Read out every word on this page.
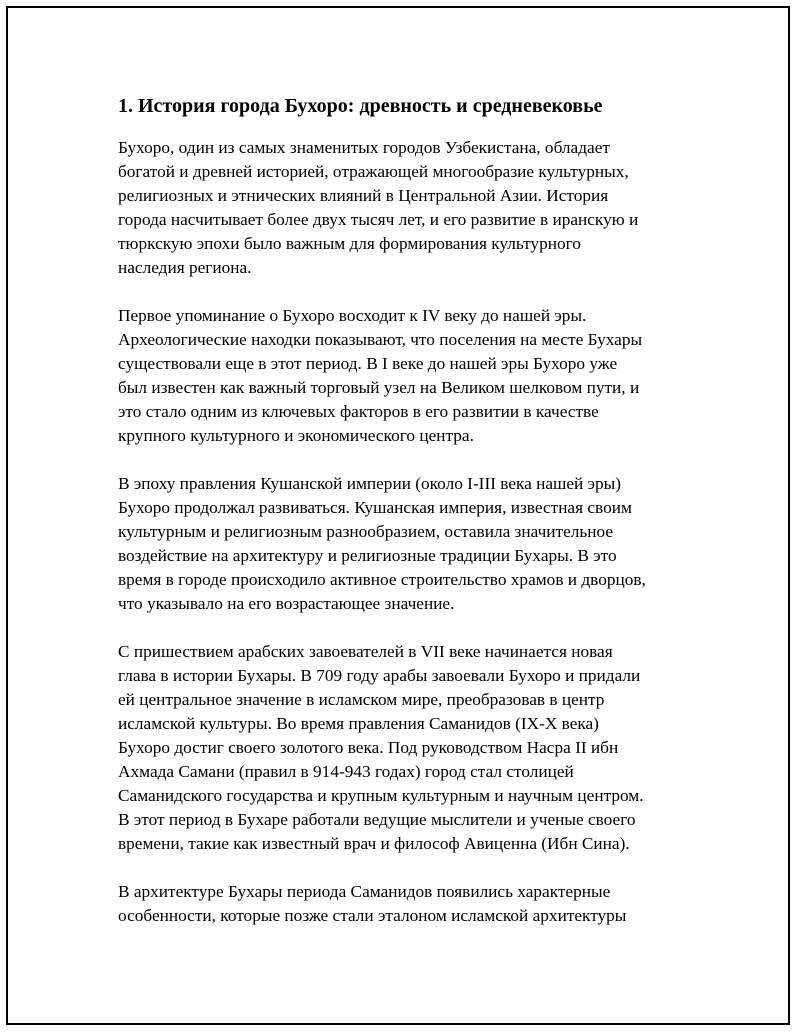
1. История города Бухоро: древность и средневековье

Бухоро, один из самых знаменитых городов Узбекистана, обладает
богатой и древней историей, отражающей многообразие культурных,
религиозных и этнических влияний в Центральной Азии. История
города насчитывает более двух тысяч лет, и его развитие в иранскую и
тюркскую эпохи было важным для формирования культурного
наследия региона.

Первое упоминание о Бухоро восходит к IV веку до нашей эры.
Археологические находки показывают, что поселения на месте Бухары
существовали еще в этот период. В I веке до нашей эры Бухоро уже
был известен как важный торговый узел на Великом шелковом пути, и
это стало одним из ключевых факторов в его развитии в качестве
крупного культурного и экономического центра.

В эпоху правления Кушанской империи (около I-III века нашей эры)
Бухоро продолжал развиваться. Кушанская империя, известная своим
культурным и религиозным разнообразием, оставила значительное
воздействие на архитектуру и религиозные традиции Бухары. В это
время в городе происходило активное строительство храмов и дворцов,
что указывало на его возрастающее значение.

С пришествием арабских завоевателей в VII веке начинается новая
глава в истории Бухары. В 709 году арабы завоевали Бухоро и придали
ей центральное значение в исламском мире, преобразовав в центр
исламской культуры. Во время правления Саманидов (IX-X века)
Бухоро достиг своего золотого века. Под руководством Насра II ибн
Ахмада Самани (правил в 914-943 годах) город стал столицей
Саманидского государства и крупным культурным и научным центром.
В этот период в Бухаре работали ведущие мыслители и ученые своего
времени, такие как известный врач и философ Авиценна (Ибн Сина).

В архитектуре Бухары периода Саманидов появились характерные
особенности, которые позже стали эталоном исламской архитектуры
